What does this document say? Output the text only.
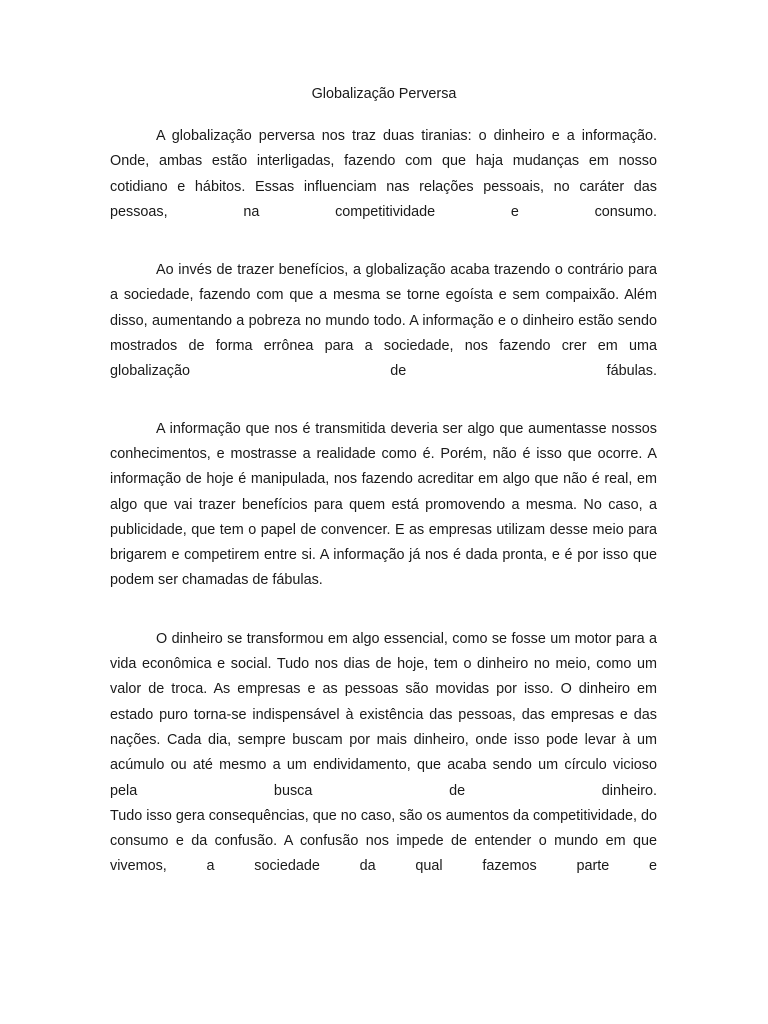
Globalização Perversa

A globalização perversa nos traz duas tiranias: o dinheiro e a informação. Onde, ambas estão interligadas, fazendo com que haja mudanças em nosso cotidiano e hábitos. Essas influenciam nas relações pessoais, no caráter das pessoas, na competitividade e consumo.

Ao invés de trazer benefícios, a globalização acaba trazendo o contrário para a sociedade, fazendo com que a mesma se torne egoísta e sem compaixão. Além disso, aumentando a pobreza no mundo todo. A informação e o dinheiro estão sendo mostrados de forma errônea para a sociedade, nos fazendo crer em uma globalização de fábulas.

A informação que nos é transmitida deveria ser algo que aumentasse nossos conhecimentos, e mostrasse a realidade como é. Porém, não é isso que ocorre. A informação de hoje é manipulada, nos fazendo acreditar em algo que não é real, em algo que vai trazer benefícios para quem está promovendo a mesma. No caso, a publicidade, que tem o papel de convencer. E as empresas utilizam desse meio para brigarem e competirem entre si. A informação já nos é dada pronta, e é por isso que podem ser chamadas de fábulas.

O dinheiro se transformou em algo essencial, como se fosse um motor para a vida econômica e social. Tudo nos dias de hoje, tem o dinheiro no meio, como um valor de troca. As empresas e as pessoas são movidas por isso. O dinheiro em estado puro torna-se indispensável à existência das pessoas, das empresas e das nações. Cada dia, sempre buscam por mais dinheiro, onde isso pode levar à um acúmulo ou até mesmo a um endividamento, que acaba sendo um círculo vicioso pela busca de dinheiro.

Tudo isso gera consequências, que no caso, são os aumentos da competitividade, do consumo e da confusão. A confusão nos impede de entender o mundo em que vivemos, a sociedade da qual fazemos parte e
